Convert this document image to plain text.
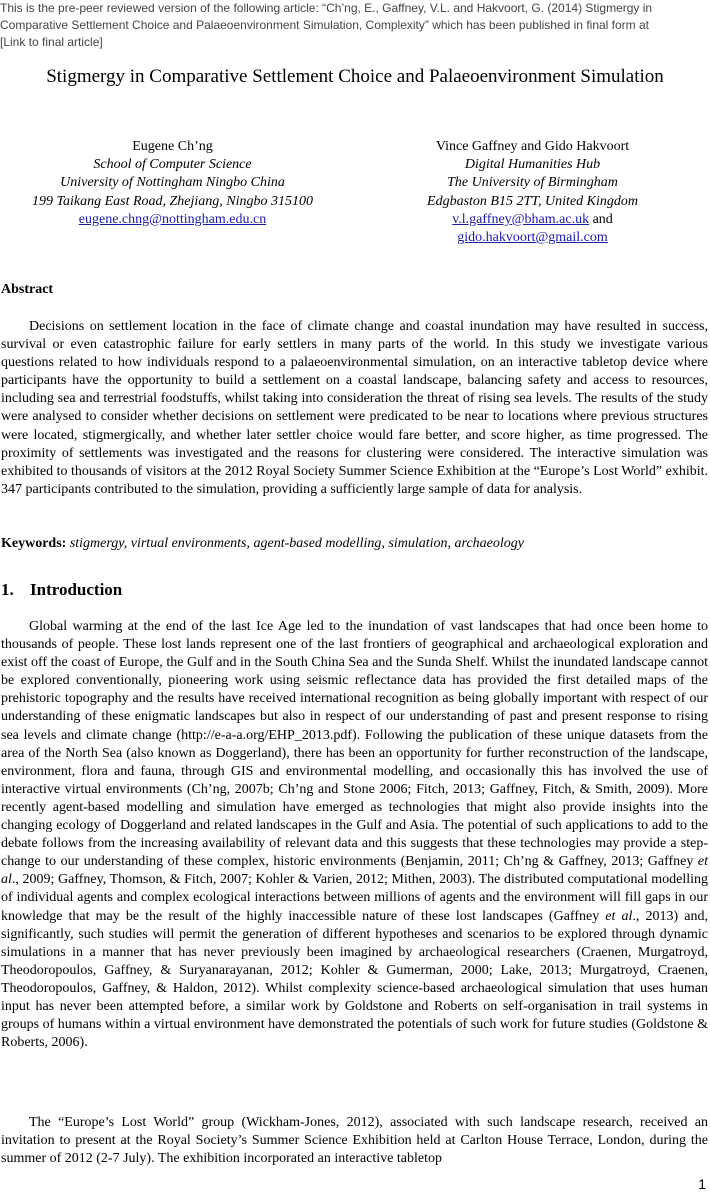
This is the pre-peer reviewed version of the following article: “Ch’ng, E., Gaffney, V.L. and Hakvoort, G. (2014) Stigmergy in
Comparative Settlement Choice and Palaeoenvironment Simulation, Complexity” which has been published in final form at
[Link to final article]
Stigmergy in Comparative Settlement Choice and Palaeoenvironment Simulation
Eugene Ch’ng
School of Computer Science
University of Nottingham Ningbo China
199 Taikang East Road, Zhejiang, Ningbo 315100
eugene.chng@nottingham.edu.cn
Vince Gaffney and Gido Hakvoort
Digital Humanities Hub
The University of Birmingham
Edgbaston B15 2TT, United Kingdom
v.l.gaffney@bham.ac.uk and
gido.hakvoort@gmail.com
Abstract

Decisions on settlement location in the face of climate change and coastal inundation may have resulted in success, survival or even catastrophic failure for early settlers in many parts of the world. In this study we investigate various questions related to how individuals respond to a palaeoenvironmental simulation, on an interactive tabletop device where participants have the opportunity to build a settlement on a coastal landscape, balancing safety and access to resources, including sea and terrestrial foodstuffs, whilst taking into consideration the threat of rising sea levels. The results of the study were analysed to consider whether decisions on settlement were predicated to be near to locations where previous structures were located, stigmergically, and whether later settler choice would fare better, and score higher, as time progressed. The proximity of settlements was investigated and the reasons for clustering were considered. The interactive simulation was exhibited to thousands of visitors at the 2012 Royal Society Summer Science Exhibition at the “Europe’s Lost World” exhibit. 347 participants contributed to the simulation, providing a sufficiently large sample of data for analysis.

Keywords: stigmergy, virtual environments, agent-based modelling, simulation, archaeology
1. Introduction

Global warming at the end of the last Ice Age led to the inundation of vast landscapes that had once been home to thousands of people. These lost lands represent one of the last frontiers of geographical and archaeological exploration and exist off the coast of Europe, the Gulf and in the South China Sea and the Sunda Shelf. Whilst the inundated landscape cannot be explored conventionally, pioneering work using seismic reflectance data has provided the first detailed maps of the prehistoric topography and the results have received international recognition as being globally important with respect of our understanding of these enigmatic landscapes but also in respect of our understanding of past and present response to rising sea levels and climate change (http://e-a-a.org/EHP_2013.pdf). Following the publication of these unique datasets from the area of the North Sea (also known as Doggerland), there has been an opportunity for further reconstruction of the landscape, environment, flora and fauna, through GIS and environmental modelling, and occasionally this has involved the use of interactive virtual environments (Ch’ng, 2007b; Ch’ng and Stone 2006; Fitch, 2013; Gaffney, Fitch, & Smith, 2009). More recently agent-based modelling and simulation have emerged as technologies that might also provide insights into the changing ecology of Doggerland and related landscapes in the Gulf and Asia. The potential of such applications to add to the debate follows from the increasing availability of relevant data and this suggests that these technologies may provide a step-change to our understanding of these complex, historic environments (Benjamin, 2011; Ch’ng & Gaffney, 2013; Gaffney et al., 2009; Gaffney, Thomson, & Fitch, 2007; Kohler & Varien, 2012; Mithen, 2003). The distributed computational modelling of individual agents and complex ecological interactions between millions of agents and the environment will fill gaps in our knowledge that may be the result of the highly inaccessible nature of these lost landscapes (Gaffney et al., 2013) and, significantly, such studies will permit the generation of different hypotheses and scenarios to be explored through dynamic simulations in a manner that has never previously been imagined by archaeological researchers (Craenen, Murgatroyd, Theodoropoulos, Gaffney, & Suryanarayanan, 2012; Kohler & Gumerman, 2000; Lake, 2013; Murgatroyd, Craenen, Theodoropoulos, Gaffney, & Haldon, 2012). Whilst complexity science-based archaeological simulation that uses human input has never been attempted before, a similar work by Goldstone and Roberts on self-organisation in trail systems in groups of humans within a virtual environment have demonstrated the potentials of such work for future studies (Goldstone & Roberts, 2006).

The “Europe’s Lost World” group (Wickham-Jones, 2012), associated with such landscape research, received an invitation to present at the Royal Society’s Summer Science Exhibition held at Carlton House Terrace, London, during the summer of 2012 (2-7 July). The exhibition incorporated an interactive tabletop

1
